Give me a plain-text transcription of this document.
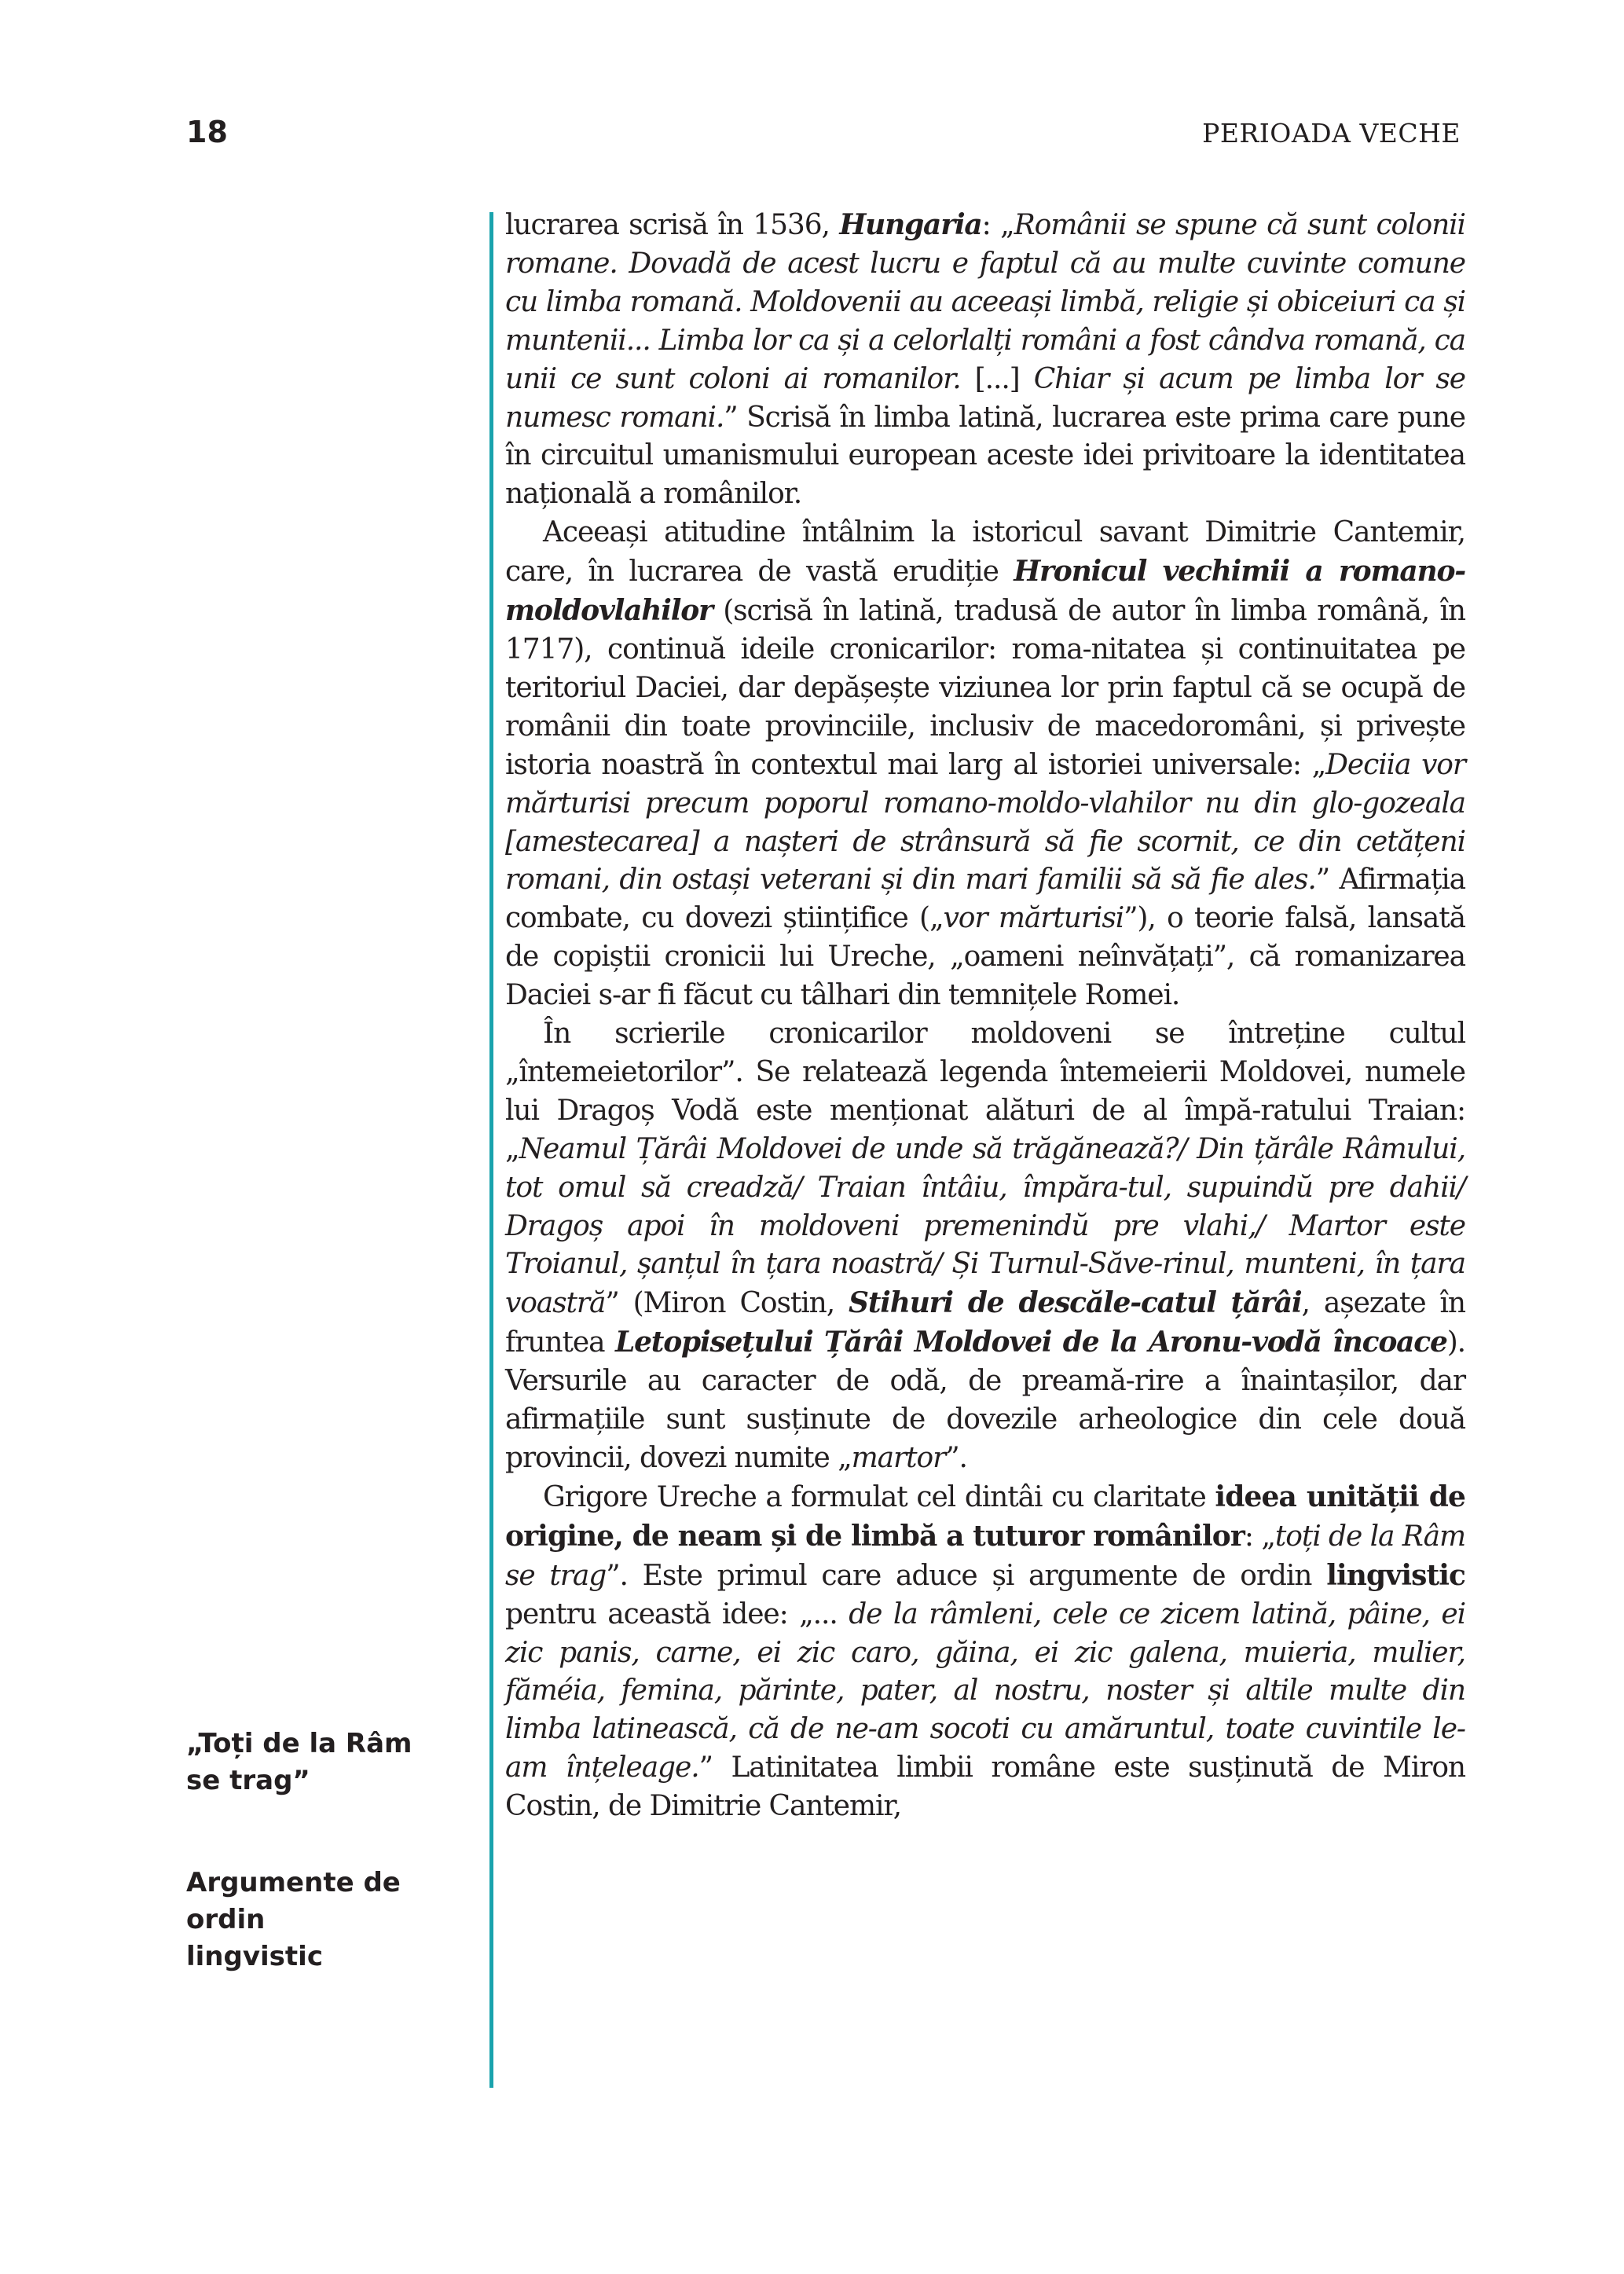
18	PERIOADA VECHE
„Toți de la Râm
se trag”
Argumente de ordin
lingvistic

lucrarea scrisă în 1536, Hungaria: „Românii se spune că sunt colonii romane. Dovadă de acest lucru e faptul că au multe cuvinte comune cu limba romană. Moldovenii au aceeași limbă, religie și obiceiuri ca și muntenii... Limba lor ca și a celorlalți români a fost cândva romană, ca unii ce sunt coloni ai romanilor. [...] Chiar și acum pe limba lor se numesc romani.” Scrisă în limba latină, lucrarea este prima care pune în circuitul umanismului european aceste idei privitoare la identitatea națională a românilor.

Aceeași atitudine întâlnim la istoricul savant Dimitrie Cantemir, care, în lucrarea de vastă erudiție Hronicul vechimii a romano-moldovlahilor (scrisă în latină, tradusă de autor în limba română, în 1717), continuă ideile cronicarilor: roma-nitatea și continuitatea pe teritoriul Daciei, dar depășește viziunea lor prin faptul că se ocupă de românii din toate provinciile, inclusiv de macedoromâni, și privește istoria noastră în contextul mai larg al istoriei universale: „Deciia vor mărturisi precum poporul romano-moldo-vlahilor nu din glo-gozeala [amestecarea] a nașteri de strânsură să fie scornit, ce din cetățeni romani, din ostași veterani și din mari familii să să fie ales.” Afirmația combate, cu dovezi științifice („vor mărturisi”), o teorie falsă, lansată de copiștii cronicii lui Ureche, „oameni neînvățați”, că romanizarea Daciei s-ar fi făcut cu tâlhari din temnițele Romei.

În scrierile cronicarilor moldoveni se întreține cultul „întemeietorilor”. Se relatează legenda întemeierii Moldovei, numele lui Dragoș Vodă este menționat alături de al împă-ratului Traian: „Neamul Țărâi Moldovei de unde să trăgănează?/ Din țărâle Râmului, tot omul să creadză/ Traian întâiu, împăra-tul, supuindŭ pre dahii/ Dragoș apoi în moldoveni premenindŭ pre vlahi,/ Martor este Troianul, șanțul în țara noastră/ Și Turnul-Săve-rinul, munteni, în țara voastră” (Miron Costin, Stihuri de descăle-catul țărâi, așezate în fruntea Letopisețului Țărâi Moldovei de la Aronu-vodă încoace). Versurile au caracter de odă, de preamă-rire a înaintașilor, dar afirmațiile sunt susținute de dovezile arheologice din cele două provincii, dovezi numite „martor”.

Grigore Ureche a formulat cel dintâi cu claritate ideea unității de origine, de neam și de limbă a tuturor românilor: „toți de la Râm se trag”. Este primul care aduce și argumente de ordin lingvistic pentru această idee: „... de la râmleni, cele ce zicem latină, pâine, ei zic panis, carne, ei zic caro, găina, ei zic galena, muieria, mulier, făméia, femina, părinte, pater, al nostru, noster și altile multe din limba latinească, că de ne-am socoti cu amăruntul, toate cuvintile le-am înțeleage.” Latinitatea limbii române este susținută de Miron Costin, de Dimitrie Cantemir,
